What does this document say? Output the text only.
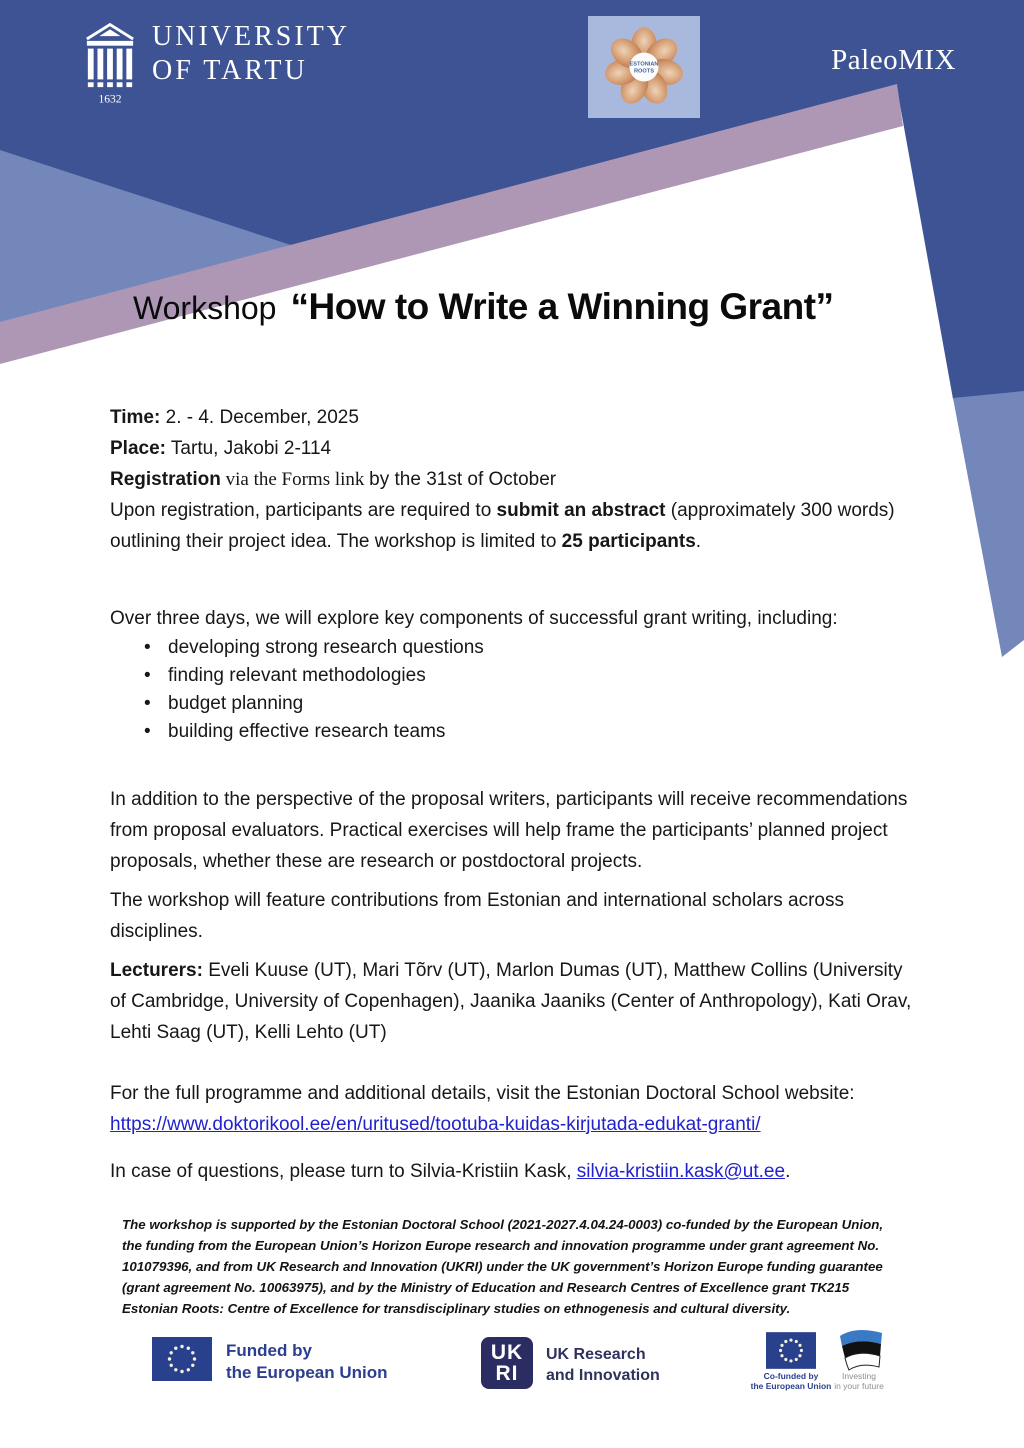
1632
UNIVERSITY
OF TARTU	ESTONIAN
ROOTS	PaleoMIX
Workshop “How to Write a Winning Grant”

Time: 2. - 4. December, 2025

Place: Tartu, Jakobi 2-114

Registration via the Forms link by the 31st of October

Upon registration, participants are required to submit an abstract (approximately 300 words) outlining their project idea. The workshop is limited to 25 participants.

Over three days, we will explore key components of successful grant writing, including:

• developing strong research questions
• finding relevant methodologies
• budget planning
• building effective research teams

In addition to the perspective of the proposal writers, participants will receive recommendations from proposal evaluators. Practical exercises will help frame the participants’ planned project proposals, whether these are research or postdoctoral projects.

The workshop will feature contributions from Estonian and international scholars across disciplines.

Lecturers: Eveli Kuuse (UT), Mari Tõrv (UT), Marlon Dumas (UT), Matthew Collins (University of Cambridge, University of Copenhagen), Jaanika Jaaniks (Center of Anthropology), Kati Orav, Lehti Saag (UT), Kelli Lehto (UT)

For the full programme and additional details, visit the Estonian Doctoral School website:
https://www.doktorikool.ee/en/uritused/tootuba-kuidas-kirjutada-edukat-granti/

In case of questions, please turn to Silvia-Kristiin Kask, silvia-kristiin.kask@ut.ee.

The workshop is supported by the Estonian Doctoral School (2021-2027.4.04.24-0003) co-funded by the European Union, the funding from the European Union’s Horizon Europe research and innovation programme under grant agreement No. 101079396, and from UK Research and Innovation (UKRI) under the UK government’s Horizon Europe funding guarantee (grant agreement No. 10063975), and by the Ministry of Education and Research Centres of Excellence grant TK215 Estonian Roots: Centre of Excellence for transdisciplinary studies on ethnogenesis and cultural diversity.
Funded by
the European Union
UK
RI
UK Research
and Innovation	Co-funded by
the European Union
Investing
in your future
